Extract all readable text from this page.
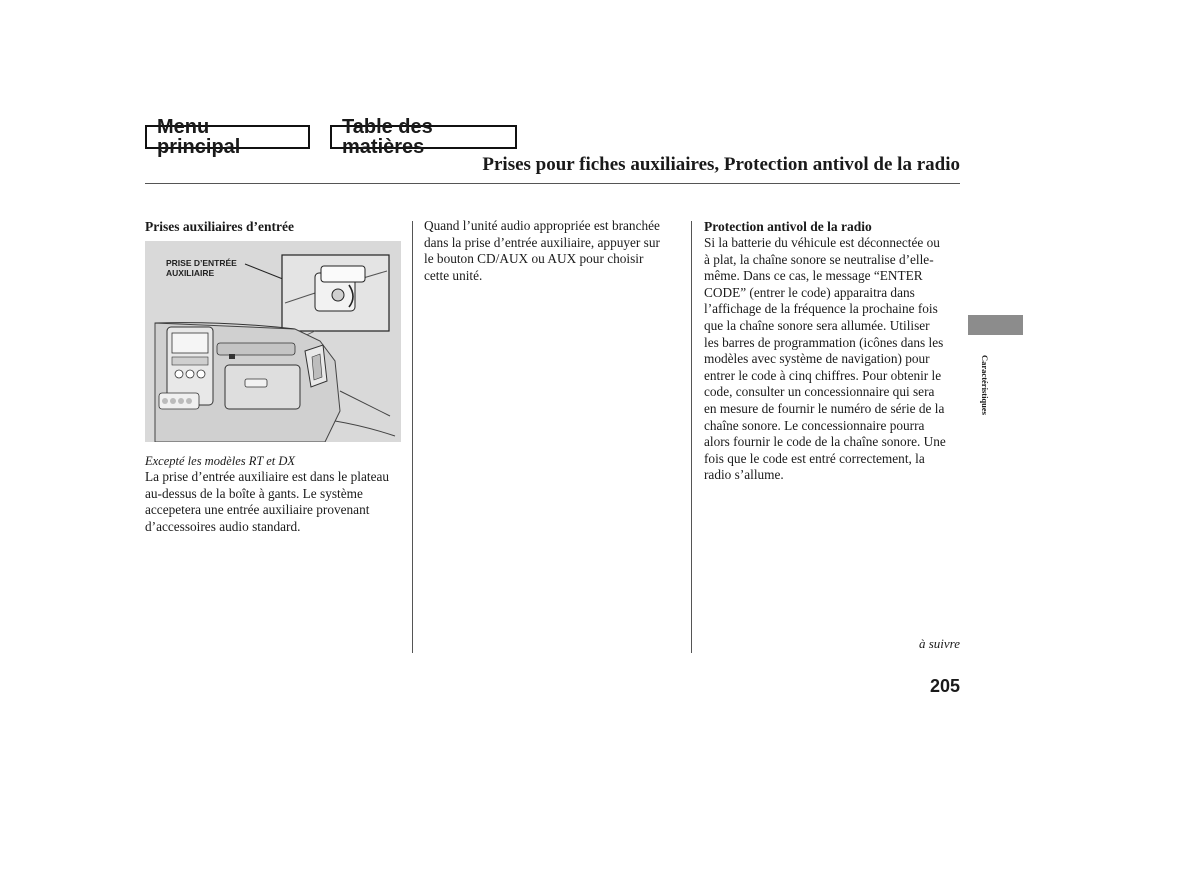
Menu principal
Table des matières
Prises pour fiches auxiliaires, Protection antivol de la radio
Prises auxiliaires d’entrée
PRISE D’ENTRÉE
AUXILIAIRE
Excepté les modèles RT et DX
La prise d’entrée auxiliaire est dans le plateau
au-dessus de la boîte à gants. Le système
accepetera une entrée auxiliaire provenant
d’accessoires audio standard.
Quand l’unité audio appropriée est branchée
dans la prise d’entrée auxiliaire, appuyer sur
le bouton CD/AUX ou AUX pour choisir
cette unité.
Protection antivol de la radio
Si la batterie du véhicule est déconnectée ou
à plat, la chaîne sonore se neutralise d’elle-
même. Dans ce cas, le message “ENTER
CODE” (entrer le code) apparaitra dans
l’affichage de la fréquence la prochaine fois
que la chaîne sonore sera allumée. Utiliser
les barres de programmation (icônes dans les
modèles avec système de navigation) pour
entrer le code à cinq chiffres. Pour obtenir le
code, consulter un concessionnaire qui sera
en mesure de fournir le numéro de série de la
chaîne sonore. Le concessionnaire pourra
alors fournir le code de la chaîne sonore. Une
fois que le code est entré correctement, la
radio s’allume.
à suivre
205
Caractéristiques
